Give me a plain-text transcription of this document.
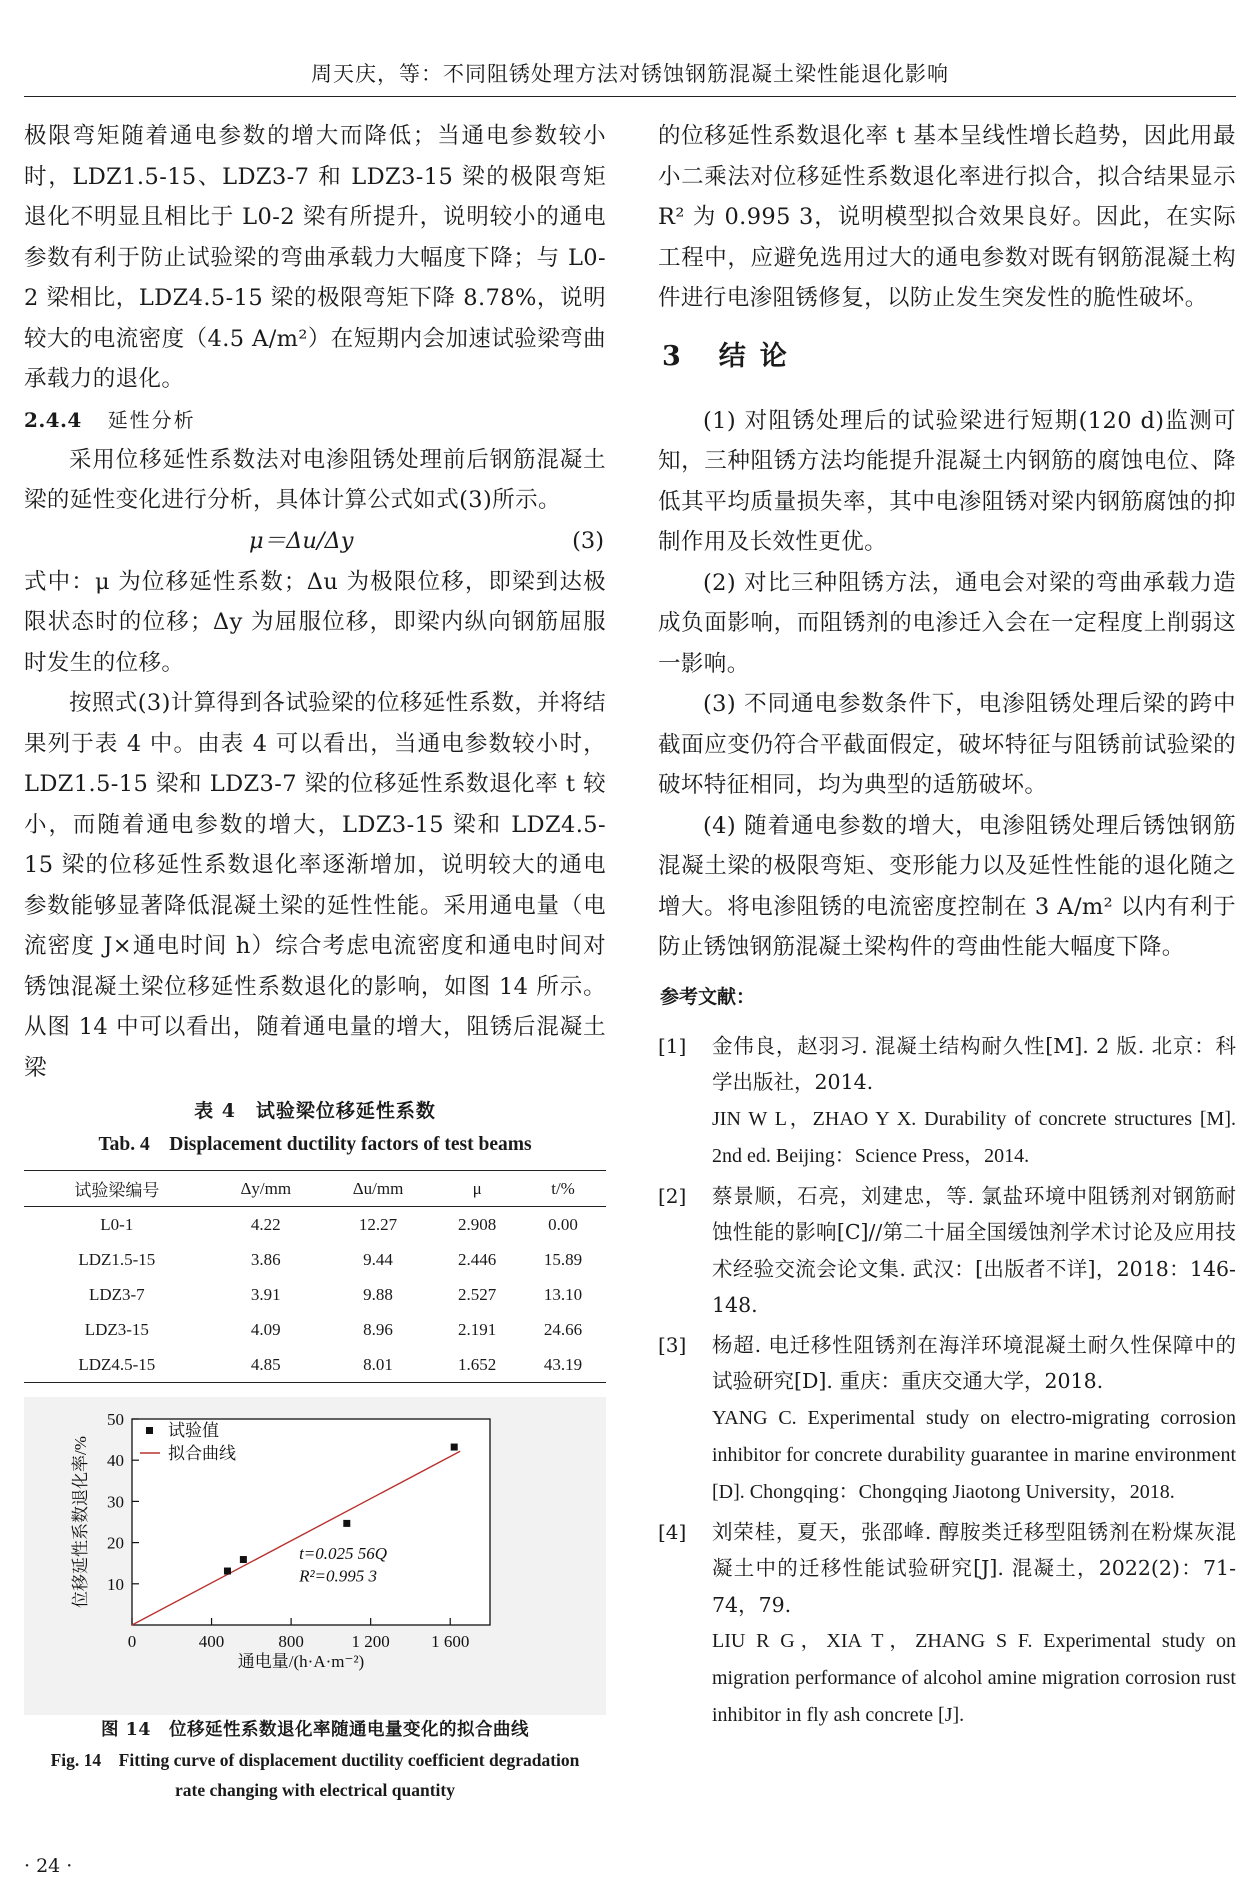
周天庆，等：不同阻锈处理方法对锈蚀钢筋混凝土梁性能退化影响

极限弯矩随着通电参数的增大而降低；当通电参数较小时，LDZ1.5-15、LDZ3-7 和 LDZ3-15 梁的极限弯矩退化不明显且相比于 L0-2 梁有所提升，说明较小的通电参数有利于防止试验梁的弯曲承载力大幅度下降；与 L0-2 梁相比，LDZ4.5-15 梁的极限弯矩下降 8.78%，说明较大的电流密度（4.5 A/m²）在短期内会加速试验梁弯曲承载力的退化。

2.4.4 延性分析

采用位移延性系数法对电渗阻锈处理前后钢筋混凝土梁的延性变化进行分析，具体计算公式如式(3)所示。

μ＝Δu/Δy	(3)

式中：μ 为位移延性系数；Δu 为极限位移，即梁到达极限状态时的位移；Δy 为屈服位移，即梁内纵向钢筋屈服时发生的位移。

按照式(3)计算得到各试验梁的位移延性系数，并将结果列于表 4 中。由表 4 可以看出，当通电参数较小时，LDZ1.5-15 梁和 LDZ3-7 梁的位移延性系数退化率 t 较小，而随着通电参数的增大，LDZ3-15 梁和 LDZ4.5-15 梁的位移延性系数退化率逐渐增加，说明较大的通电参数能够显著降低混凝土梁的延性性能。采用通电量（电流密度 J×通电时间 h）综合考虑电流密度和通电时间对锈蚀混凝土梁位移延性系数退化的影响，如图 14 所示。从图 14 中可以看出，随着通电量的增大，阻锈后混凝土梁

表 4　试验梁位移延性系数

Tab. 4　Displacement ductility factors of test beams

试验梁编号	Δy/mm	Δu/mm	μ	t/%
L0-1	4.22	12.27	2.908	0.00
LDZ1.5-15	3.86	9.44	2.446	15.89
LDZ3-7	3.91	9.88	2.527	13.10
LDZ3-15	4.09	8.96	2.191	24.66
LDZ4.5-15	4.85	8.01	1.652	43.19
10
20
30
40
50
0	400	800	1 200 1 600
通电量/(h·A·m⁻²)
位移延性系数退化率/%
试验值
拟合曲线
t=0.025 56Q
R²=0.995 3

图 14　位移延性系数退化率随通电量变化的拟合曲线

Fig. 14　Fitting curve of displacement ductility coefficient degradation

rate changing with electrical quantity

的位移延性系数退化率 t 基本呈线性增长趋势，因此用最小二乘法对位移延性系数退化率进行拟合，拟合结果显示 R² 为 0.995 3，说明模型拟合效果良好。因此，在实际工程中，应避免选用过大的通电参数对既有钢筋混凝土构件进行电渗阻锈修复，以防止发生突发性的脆性破坏。

3 结论

(1) 对阻锈处理后的试验梁进行短期(120 d)监测可知，三种阻锈方法均能提升混凝土内钢筋的腐蚀电位、降低其平均质量损失率，其中电渗阻锈对梁内钢筋腐蚀的抑制作用及长效性更优。

(2) 对比三种阻锈方法，通电会对梁的弯曲承载力造成负面影响，而阻锈剂的电渗迁入会在一定程度上削弱这一影响。

(3) 不同通电参数条件下，电渗阻锈处理后梁的跨中截面应变仍符合平截面假定，破坏特征与阻锈前试验梁的破坏特征相同，均为典型的适筋破坏。

(4) 随着通电参数的增大，电渗阻锈处理后锈蚀钢筋混凝土梁的极限弯矩、变形能力以及延性性能的退化随之增大。将电渗阻锈的电流密度控制在 3 A/m² 以内有利于防止锈蚀钢筋混凝土梁构件的弯曲性能大幅度下降。

参考文献：
[1] 金伟良，赵羽习. 混凝土结构耐久性[M]. 2 版. 北京：科学出版社，2014.
JIN W L，ZHAO Y X. Durability of concrete structures [M]. 2nd ed. Beijing：Science Press，2014.
[2] 蔡景顺，石亮，刘建忠，等. 氯盐环境中阻锈剂对钢筋耐蚀性能的影响[C]//第二十届全国缓蚀剂学术讨论及应用技术经验交流会论文集. 武汉：[出版者不详]，2018：146-148.
[3] 杨超. 电迁移性阻锈剂在海洋环境混凝土耐久性保障中的试验研究[D]. 重庆：重庆交通大学，2018.
YANG C. Experimental study on electro-migrating corrosion inhibitor for concrete durability guarantee in marine environment [D]. Chongqing：Chongqing Jiaotong University，2018.
[4] 刘荣桂，夏天，张邵峰. 醇胺类迁移型阻锈剂在粉煤灰混凝土中的迁移性能试验研究[J]. 混凝土，2022(2)：71-74，79.
LIU R G，XIA T，ZHANG S F. Experimental study on migration performance of alcohol amine migration corrosion rust inhibitor in fly ash concrete [J].
· 24 ·
